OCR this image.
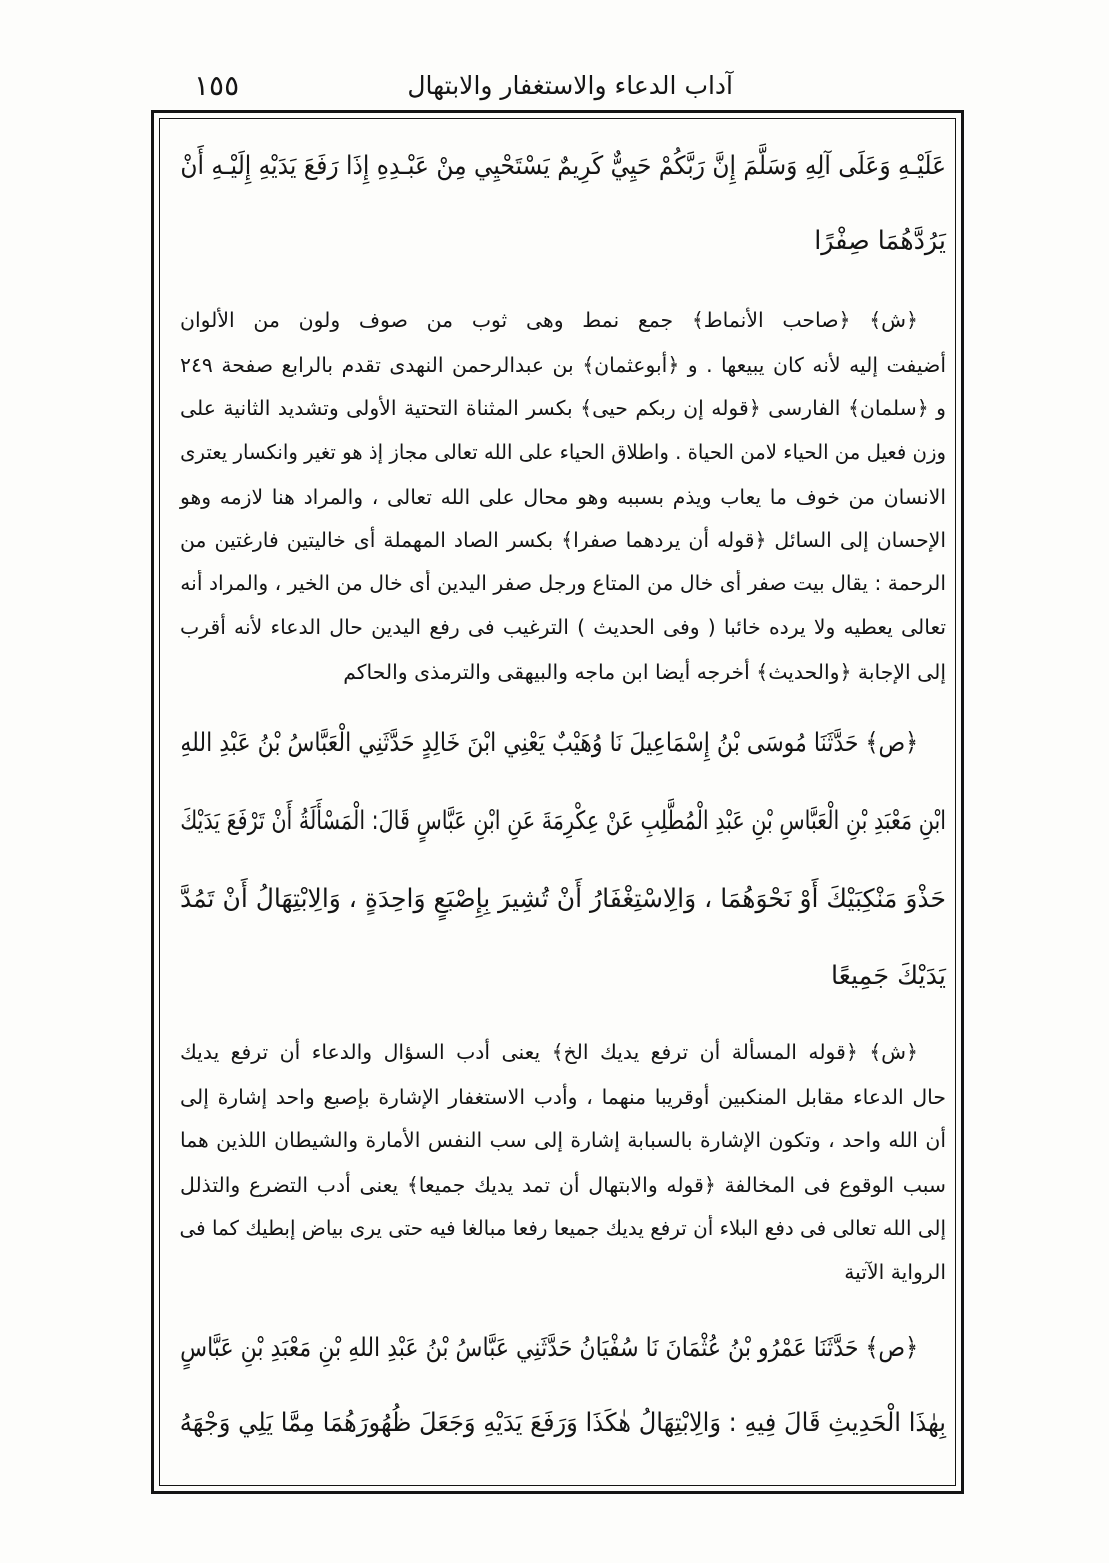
١٥٥	آداب الدعاء والاستغفار والابتهال
عَلَيْـهِ وَعَلَى آلِهِ وَسَلَّمَ إِنَّ رَبَّكُمْ حَيِيٌّ كَرِيمٌ يَسْتَحْيِي مِنْ عَبْـدِهِ إِذَا رَفَعَ يَدَيْهِ إِلَيْـهِ أَنْ
يَرُدَّهُمَا صِفْرًا
﴿ش﴾ ﴿صاحب الأنماط﴾ جمع نمط وهى ثوب من صوف ولون من الألوان
أضيفت إليه لأنه كان يبيعها . و ﴿أبوعثمان﴾ بن عبدالرحمن النهدى تقدم بالرابع صفحة ٢٤٩
و ﴿سلمان﴾ الفارسى ﴿قوله إن ربكم حيى﴾ بكسر المثناة التحتية الأولى وتشديد الثانية على
وزن فعيل من الحياء لامن الحياة . واطلاق الحياء على الله تعالى مجاز إذ هو تغير وانكسار يعترى
الانسان من خوف ما يعاب ويذم بسببه وهو محال على الله تعالى ، والمراد هنا لازمه وهو
الإحسان إلى السائل ﴿قوله أن يردهما صفرا﴾ بكسر الصاد المهملة أى خاليتين فارغتين من
الرحمة : يقال بيت صفر أى خال من المتاع ورجل صفر اليدين أى خال من الخير ، والمراد أنه
تعالى يعطيه ولا يرده خائبا ( وفى الحديث ) الترغيب فى رفع اليدين حال الدعاء لأنه أقرب
إلى الإجابة ﴿والحديث﴾ أخرجه أيضا ابن ماجه والبيهقى والترمذى والحاكم
﴿ص﴾ حَدَّثَنَا مُوسَى بْنُ إِسْمَاعِيلَ نَا وُهَيْبٌ يَعْنِي ابْنَ خَالِدٍ حَدَّثَنِي الْعَبَّاسُ بْنُ عَبْدِ اللهِ
ابْنِ مَعْبَدِ بْنِ الْعَبَّاسِ بْنِ عَبْدِ الْمُطَّلِبِ عَنْ عِكْرِمَةَ عَنِ ابْنِ عَبَّاسٍ قَالَ: الْمَسْأَلَةُ أَنْ تَرْفَعَ يَدَيْكَ
حَذْوَ مَنْكِبَيْكَ أَوْ نَحْوَهُمَا ، وَالِاسْتِغْفَارُ أَنْ تُشِيرَ بِإِصْبَعٍ وَاحِدَةٍ ، وَالِابْتِهَالُ أَنْ تَمُدَّ
يَدَيْكَ جَمِيعًا
﴿ش﴾ ﴿قوله المسألة أن ترفع يديك الخ﴾ يعنى أدب السؤال والدعاء أن ترفع يديك
حال الدعاء مقابل المنكبين أوقريبا منهما ، وأدب الاستغفار الإشارة بإصبع واحد إشارة إلى
أن الله واحد ، وتكون الإشارة بالسبابة إشارة إلى سب النفس الأمارة والشيطان اللذين هما
سبب الوقوع فى المخالفة ﴿قوله والابتهال أن تمد يديك جميعا﴾ يعنى أدب التضرع والتذلل
إلى الله تعالى فى دفع البلاء أن ترفع يديك جميعا رفعا مبالغا فيه حتى يرى بياض إبطيك كما فى
الرواية الآتية
﴿ص﴾ حَدَّثَنَا عَمْرُو بْنُ عُثْمَانَ نَا سُفْيَانُ حَدَّثَنِي عَبَّاسُ بْنُ عَبْدِ اللهِ بْنِ مَعْبَدِ بْنِ عَبَّاسٍ
بِهٰذَا الْحَدِيثِ قَالَ فِيهِ : وَالِابْتِهَالُ هٰكَذَا وَرَفَعَ يَدَيْهِ وَجَعَلَ ظُهُورَهُمَا مِمَّا يَلِي وَجْهَهُ
